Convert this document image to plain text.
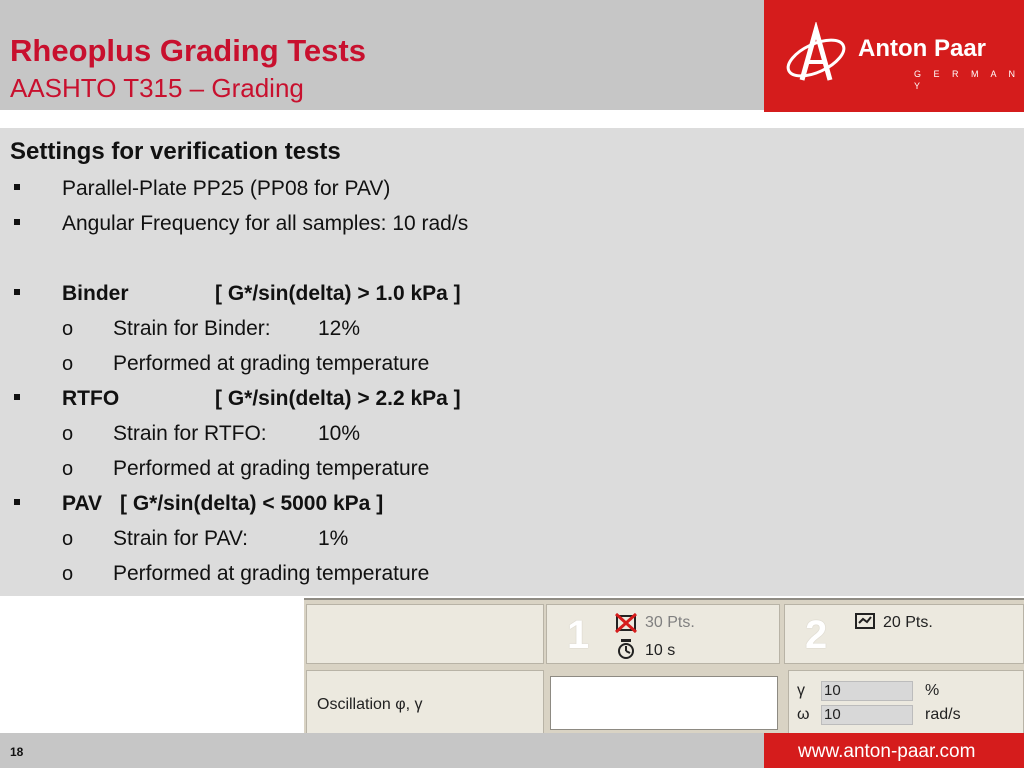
Rheoplus Grading Tests
AASHTO T315 – Grading
Anton Paar
G E R M A N Y
Settings for verification tests
Parallel-Plate PP25 (PP08 for PAV)
Angular Frequency for all samples: 10 rad/s
Binder	[ G*/sin(delta) > 1.0 kPa ]
o Strain for Binder: 12%
o Performed at grading temperature
RTFO	[ G*/sin(delta) > 2.2 kPa ]
o Strain for RTFO: 10%
o Performed at grading temperature
PAV [ G*/sin(delta) < 5000 kPa ]
o Strain for PAV:	1%
o Performed at grading temperature
1	30 Pts.
10 s	2	20 Pts.
Oscillation φ, γ
γ 10	%
ω 10	rad/s
18	www.anton-paar.com
